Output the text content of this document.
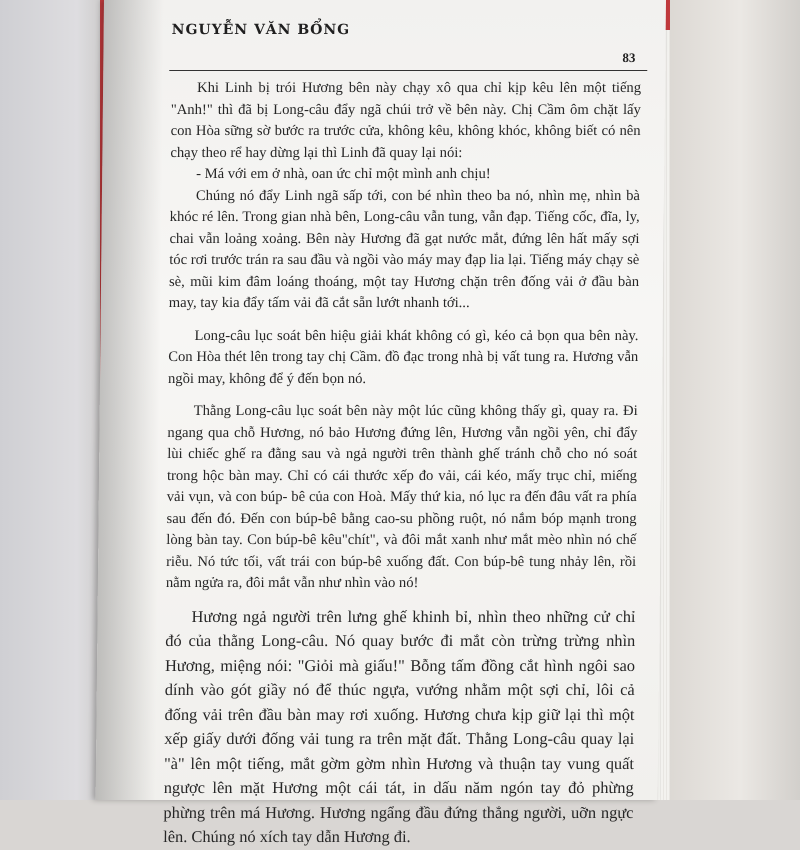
NGUYỄN VĂN BỔNG
83

Khi Linh bị trói Hương bên này chạy xô qua chỉ kịp kêu lên một tiếng "Anh!" thì đã bị Long-câu đẩy ngã chúi trở về bên này. Chị Cầm ôm chặt lấy con Hòa sững sờ bước ra trước cửa, không kêu, không khóc, không biết có nên chạy theo rể hay dừng lại thì Linh đã quay lại nói:

- Má với em ở nhà, oan ức chỉ một mình anh chịu!

Chúng nó đẩy Linh ngã sấp tới, con bé nhìn theo ba nó, nhìn mẹ, nhìn bà khóc ré lên. Trong gian nhà bên, Long-câu vẫn tung, vẫn đạp. Tiếng cốc, đĩa, ly, chai vẫn loảng xoảng. Bên này Hương đã gạt nước mắt, đứng lên hất mấy sợi tóc rơi trước trán ra sau đầu và ngồi vào máy may đạp lia lại. Tiếng máy chạy sè sè, mũi kim đâm loáng thoáng, một tay Hương chặn trên đống vải ở đầu bàn may, tay kia đẩy tấm vải đã cắt sẵn lướt nhanh tới...

Long-câu lục soát bên hiệu giải khát không có gì, kéo cả bọn qua bên này. Con Hòa thét lên trong tay chị Cầm. đồ đạc trong nhà bị vất tung ra. Hương vẫn ngồi may, không để ý đến bọn nó.

Thằng Long-câu lục soát bên này một lúc cũng không thấy gì, quay ra. Đi ngang qua chỗ Hương, nó bảo Hương đứng lên, Hương vẫn ngồi yên, chỉ đẩy lùi chiếc ghế ra đằng sau và ngả người trên thành ghế tránh chỗ cho nó soát trong hộc bàn may. Chỉ có cái thước xếp đo vải, cái kéo, mấy trục chỉ, miếng vải vụn, và con búp- bê của con Hoà. Mấy thứ kia, nó lục ra đến đâu vất ra phía sau đến đó. Đến con búp-bê bằng cao-su phồng ruột, nó nắm bóp mạnh trong lòng bàn tay. Con búp-bê kêu"chít", và đôi mắt xanh như mắt mèo nhìn nó chế riễu. Nó tức tối, vất trái con búp-bê xuống đất. Con búp-bê tung nhảy lên, rồi nằm ngửa ra, đôi mắt vẫn như nhìn vào nó!

Hương ngả người trên lưng ghế khinh bỉ, nhìn theo những cử chỉ đó của thằng Long-câu. Nó quay bước đi mắt còn trừng trừng nhìn Hương, miệng nói: "Giỏi mà giấu!" Bỗng tấm đồng cắt hình ngôi sao dính vào gót giầy nó để thúc ngựa, vướng nhằm một sợi chỉ, lôi cả đống vải trên đầu bàn may rơi xuống. Hương chưa kịp giữ lại thì một xếp giấy dưới đống vải tung ra trên mặt đất. Thằng Long-câu quay lại "à" lên một tiếng, mắt gờm gờm nhìn Hương và thuận tay vung quất ngược lên mặt Hương một cái tát, in dấu năm ngón tay đỏ phừng phừng trên má Hương. Hương ngẩng đầu đứng thẳng người, uỡn ngực lên. Chúng nó xích tay dẫn Hương đi.
